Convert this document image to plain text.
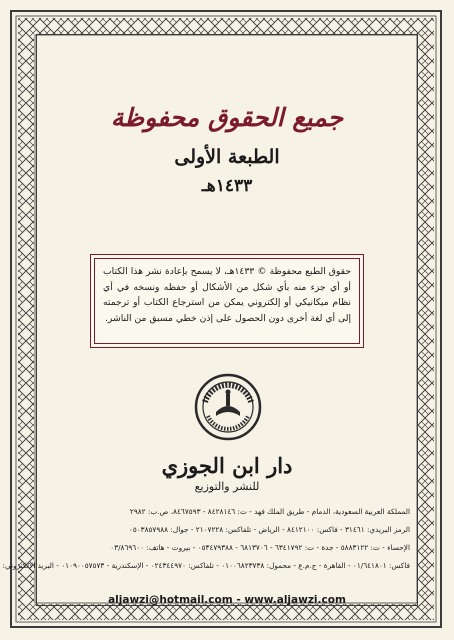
جميع الحقوق محفوظة
الطبعة الأولى
١٤٣٣هـ
حقوق الطبع محفوظة © ١٤٣٣هـ، لا يسمح بإعادة نشر هذا الكتاب أو أي جزء منه بأي شكل من الأشكال أو حفظه ونسخه في أي نظام ميكانيكي أو إلكتروني يمكن من استرجاع الكتاب أو ترجمته إلى أي لغة أخرى دون الحصول على إذن خطي مسبق من الناشر.
دار ابن الجوزي
للنشر والتوزيع
المملكة العربية السعودية، الدمام - طريق الملك فهد - ت: ٨٤٢٨١٤٦ - ٨٤٦٧٥٩٣، ص.ب: ٢٩٨٢
الرمز البريدي: ٣١٤٦١ - فاكس: ٨٤١٢١٠٠ - الرياض - تلفاكس: ٢١٠٧٢٢٨ - جوال: ٠٥٠٣٨٥٧٩٨٨
الإحساء - ت: ٥٨٨٣١٢٢ - جدة - ت: ٦٣٤١٧٩٢ - ٦٨١٣٧٠٦ - ٠٥٣٤٧٩٣٨٨ - بيروت - هاتف: ٠٣/٨٦٩٦٠٠
فاكس: ٠١/٦٤١٨٠١ - القاهرة - ج.م.ع - محمول: ٠١٠٠٦٨٢٣٧٣٨ - تلفاكس: ٠٢٤٣٤٤٩٧٠ - الإسكندرية - ٠١٠٩٠٠٥٧٥٧٣ - البريد الإلكتروني:
aljawzi@hotmail.com - www.aljawzi.com
